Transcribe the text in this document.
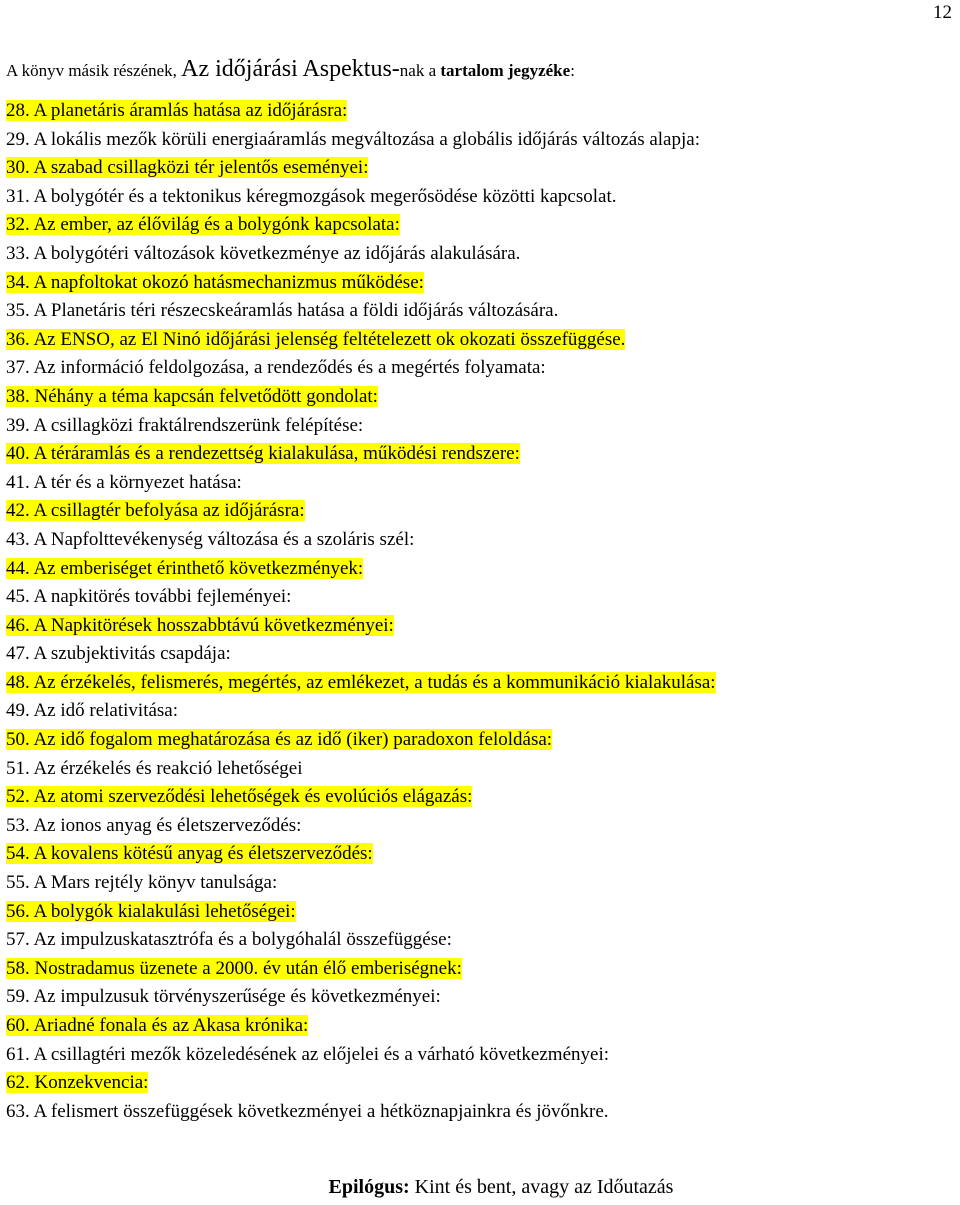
12
A könyv másik részének, Az időjárási Aspektus-nak a tartalom jegyzéke:
28. A planetáris áramlás hatása az időjárásra:
29. A lokális mezők körüli energiaáramlás megváltozása a globális időjárás változás alapja:
30. A szabad csillagközi tér jelentős eseményei:
31. A bolygótér és a tektonikus kéregmozgások megerősödése közötti kapcsolat.
32. Az ember, az élővilág és a bolygónk kapcsolata:
33. A bolygótéri változások következménye az időjárás alakulására.
34. A napfoltokat okozó hatásmechanizmus működése:
35. A Planetáris téri részecskeáramlás hatása a földi időjárás változására.
36. Az ENSO, az El Ninó időjárási jelenség feltételezett ok okozati összefüggése.
37. Az információ feldolgozása, a rendeződés és a megértés folyamata:
38. Néhány a téma kapcsán felvetődött gondolat:
39. A csillagközi fraktálrendszerünk felépítése:
40. A téráramlás és a rendezettség kialakulása, működési rendszere:
41. A tér és a környezet hatása:
42. A csillagtér befolyása az időjárásra:
43. A Napfolttevékenység változása és a szoláris szél:
44. Az emberiséget érinthető következmények:
45. A napkitörés további fejleményei:
46. A Napkitörések hosszabbtávú következményei:
47. A szubjektivitás csapdája:
48. Az érzékelés, felismerés, megértés, az emlékezet, a tudás és a kommunikáció kialakulása:
49. Az idő relativitása:
50. Az idő fogalom meghatározása és az idő (iker) paradoxon feloldása:
51. Az érzékelés és reakció lehetőségei
52. Az atomi szerveződési lehetőségek és evolúciós elágazás:
53. Az ionos anyag és életszerveződés:
54. A kovalens kötésű anyag és életszerveződés:
55. A Mars rejtély könyv tanulsága:
56. A bolygók kialakulási lehetőségei:
57. Az impulzuskatasztrófa és a bolygóhalál összefüggése:
58. Nostradamus üzenete a 2000. év után élő emberiségnek:
59. Az impulzusuk törvényszerűsége és következményei:
60. Ariadné fonala és az Akasa krónika:
61. A csillagtéri mezők közeledésének az előjelei és a várható következményei:
62. Konzekvencia:
63. A felismert összefüggések következményei a hétköznapjainkra és jövőnkre.
Epilógus: Kint és bent, avagy az Időutazás
